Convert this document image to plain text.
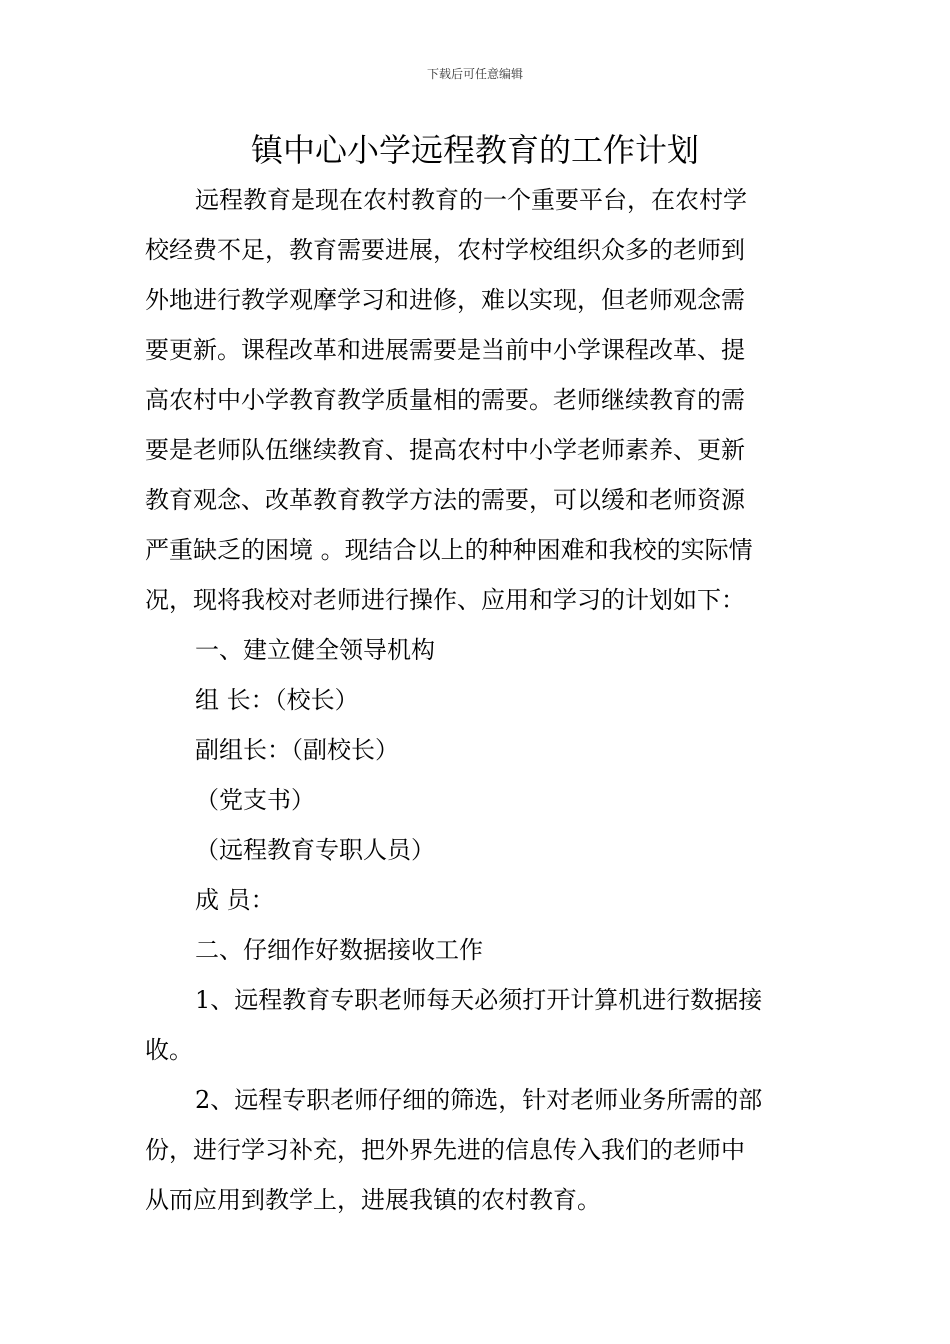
下载后可任意编辑
镇中心小学远程教育的工作计划

远程教育是现在农村教育的一个重要平台，在农村学

校经费不足，教育需要进展，农村学校组织众多的老师到

外地进行教学观摩学习和进修，难以实现，但老师观念需

要更新。课程改革和进展需要是当前中小学课程改革、提

高农村中小学教育教学质量相的需要。老师继续教育的需

要是老师队伍继续教育、提高农村中小学老师素养、更新

教育观念、改革教育教学方法的需要，可以缓和老师资源

严重缺乏的困境 。现结合以上的种种困难和我校的实际情

况，现将我校对老师进行操作、应用和学习的计划如下：

一、建立健全领导机构

组 长：（校长）

副组长：（副校长）

（党支书）

（远程教育专职人员）

成 员：

二、仔细作好数据接收工作

1、远程教育专职老师每天必须打开计算机进行数据接

收。

2、远程专职老师仔细的筛选，针对老师业务所需的部

份，进行学习补充，把外界先进的信息传入我们的老师中

从而应用到教学上，进展我镇的农村教育。
